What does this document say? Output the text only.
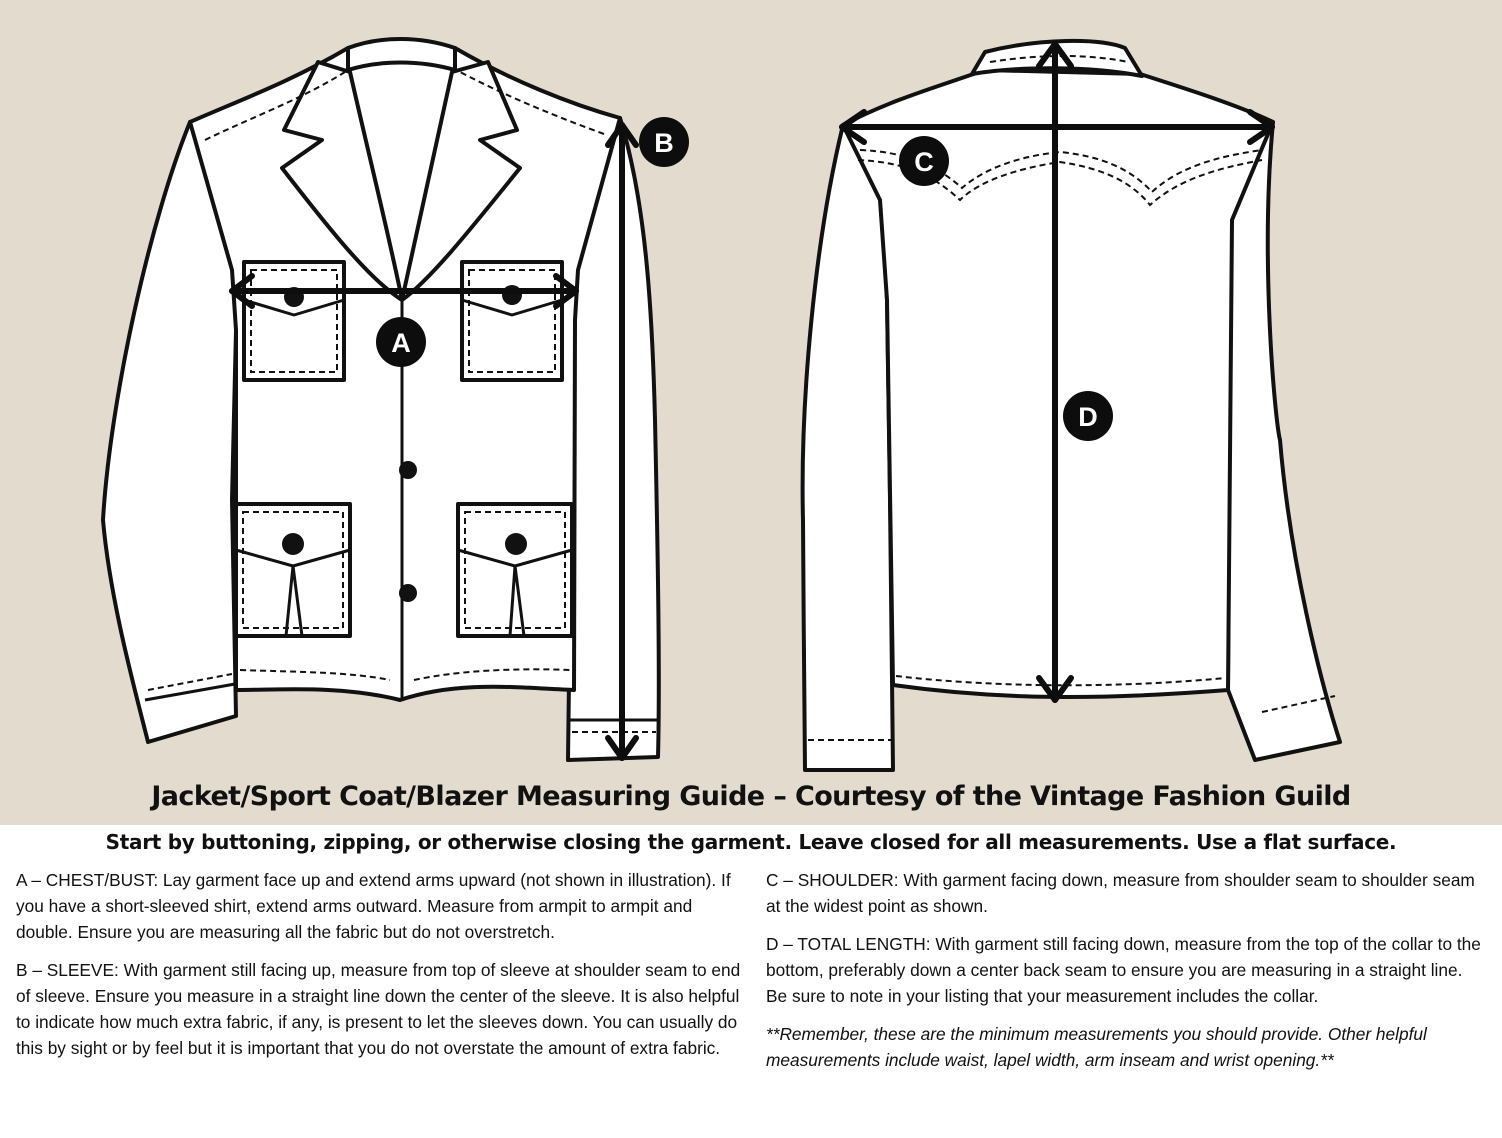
A
B
C
D
Jacket/Sport Coat/Blazer Measuring Guide – Courtesy of the Vintage Fashion Guild
Start by buttoning, zipping, or otherwise closing the garment. Leave closed for all measurements. Use a flat surface.

A – CHEST/BUST: Lay garment face up and extend arms upward (not shown in illustration). If you have a short-sleeved shirt, extend arms outward. Measure from armpit to armpit and double. Ensure you are measuring all the fabric but do not overstretch.

B – SLEEVE: With garment still facing up, measure from top of sleeve at shoulder seam to end of sleeve. Ensure you measure in a straight line down the center of the sleeve. It is also helpful to indicate how much extra fabric, if any, is present to let the sleeves down. You can usually do this by sight or by feel but it is important that you do not overstate the amount of extra fabric.

C – SHOULDER: With garment facing down, measure from shoulder seam to shoulder seam at the widest point as shown.

D – TOTAL LENGTH: With garment still facing down, measure from the top of the collar to the bottom, preferably down a center back seam to ensure you are measuring in a straight line. Be sure to note in your listing that your measurement includes the collar.

**Remember, these are the minimum measurements you should provide. Other helpful measurements include waist, lapel width, arm inseam and wrist opening.**
